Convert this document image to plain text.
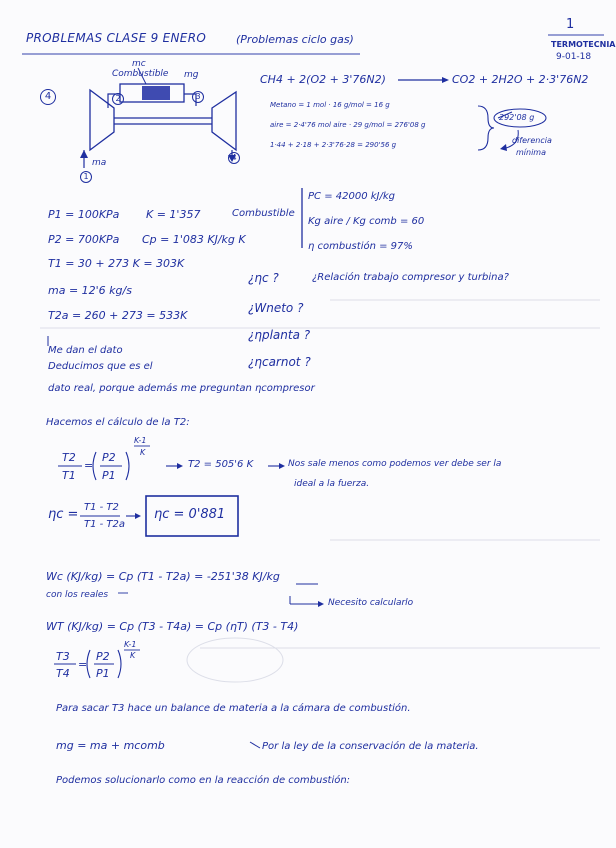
PROBLEMAS CLASE 9 ENERO	(Problemas ciclo gas)
1
TERMOTECNIA
9-01-18
4
mc
Combustible mg
1
2	3
4
ma
CH4 + 2(O2 + 3'76N2)	CO2 + 2H2O + 2·3'76N2
Metano = 1 mol · 16 g/mol = 16 g
aire = 2·4'76 mol aire · 29 g/mol = 276'08 g
1·44 + 2·18 + 2·3'76·28 = 290'56 g
292'08 g
diferencia
mínima
P1 = 100KPa K = 1'357
P2 = 700KPa Cp = 1'083 KJ/kg K
T1 = 30 + 273 K = 303K
ma = 12'6 kg/s
T2a = 260 + 273 = 533K
Me dan el dato
Deducimos que es el
dato real, porque además me preguntan ηcompresor
Combustible
PC = 42000 kJ/kg
Kg aire / Kg comb = 60
η combustión = 97%
¿ηc ?	¿Relación trabajo compresor y turbina?
¿Wneto ?
¿ηplanta ?
¿ηcarnot ?
Hacemos el cálculo de la T2:
T2
T1
=
P2
P1
K-1
K
T2 = 505'6 K	Nos sale menos como podemos ver debe ser la
ideal a la fuerza.
ηc = T1 - T2
T1 - T2a
ηc = 0'881
Wc (KJ/kg) = Cp (T1 - T2a) = -251'38 KJ/kg
con los reales
Necesito calcularlo
WT (KJ/kg) = Cp (T3 - T4a) = Cp (ηT) (T3 - T4)
T3
T4
=
P2
P1
K-1
K
Para sacar T3 hace un balance de materia a la cámara de combustión.
mg = ma + mcomb	Por la ley de la conservación de la materia.
Podemos solucionarlo como en la reacción de combustión:
